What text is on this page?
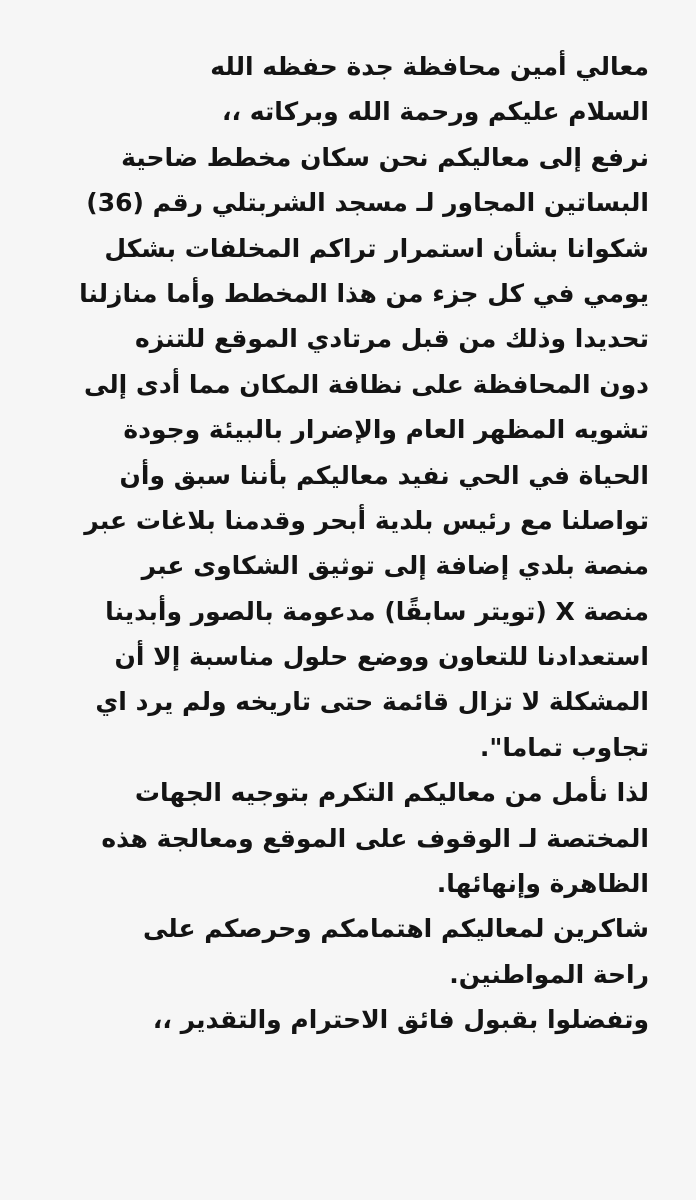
معالي أمين محافظة جدة حفظه الله
السلام عليكم ورحمة الله وبركاته ،،
نرفع إلى معاليكم نحن سكان مخطط ضاحية
البساتين المجاور لـ مسجد الشربتلي رقم (36)
شكوانا بشأن استمرار تراكم المخلفات بشكل
يومي في كل جزء من هذا المخطط وأما منازلنا
تحديدا وذلك من قبل مرتادي الموقع للتنزه
دون المحافظة على نظافة المكان مما أدى إلى
تشويه المظهر العام والإضرار بالبيئة وجودة
الحياة في الحي نفيد معاليكم بأننا سبق وأن
تواصلنا مع رئيس بلدية أبحر وقدمنا بلاغات عبر
منصة بلدي إضافة إلى توثيق الشكاوى عبر
منصة X (تويتر سابقًا) مدعومة بالصور وأبدينا
استعدادنا للتعاون ووضع حلول مناسبة إلا أن
المشكلة لا تزال قائمة حتى تاريخه ولم يرد اي
تجاوب تماما".
لذا نأمل من معاليكم التكرم بتوجيه الجهات
المختصة لـ الوقوف على الموقع ومعالجة هذه
الظاهرة وإنهائها.
شاكرين لمعاليكم اهتمامكم وحرصكم على
راحة المواطنين.
وتفضلوا بقبول فائق الاحترام والتقدير ،،
